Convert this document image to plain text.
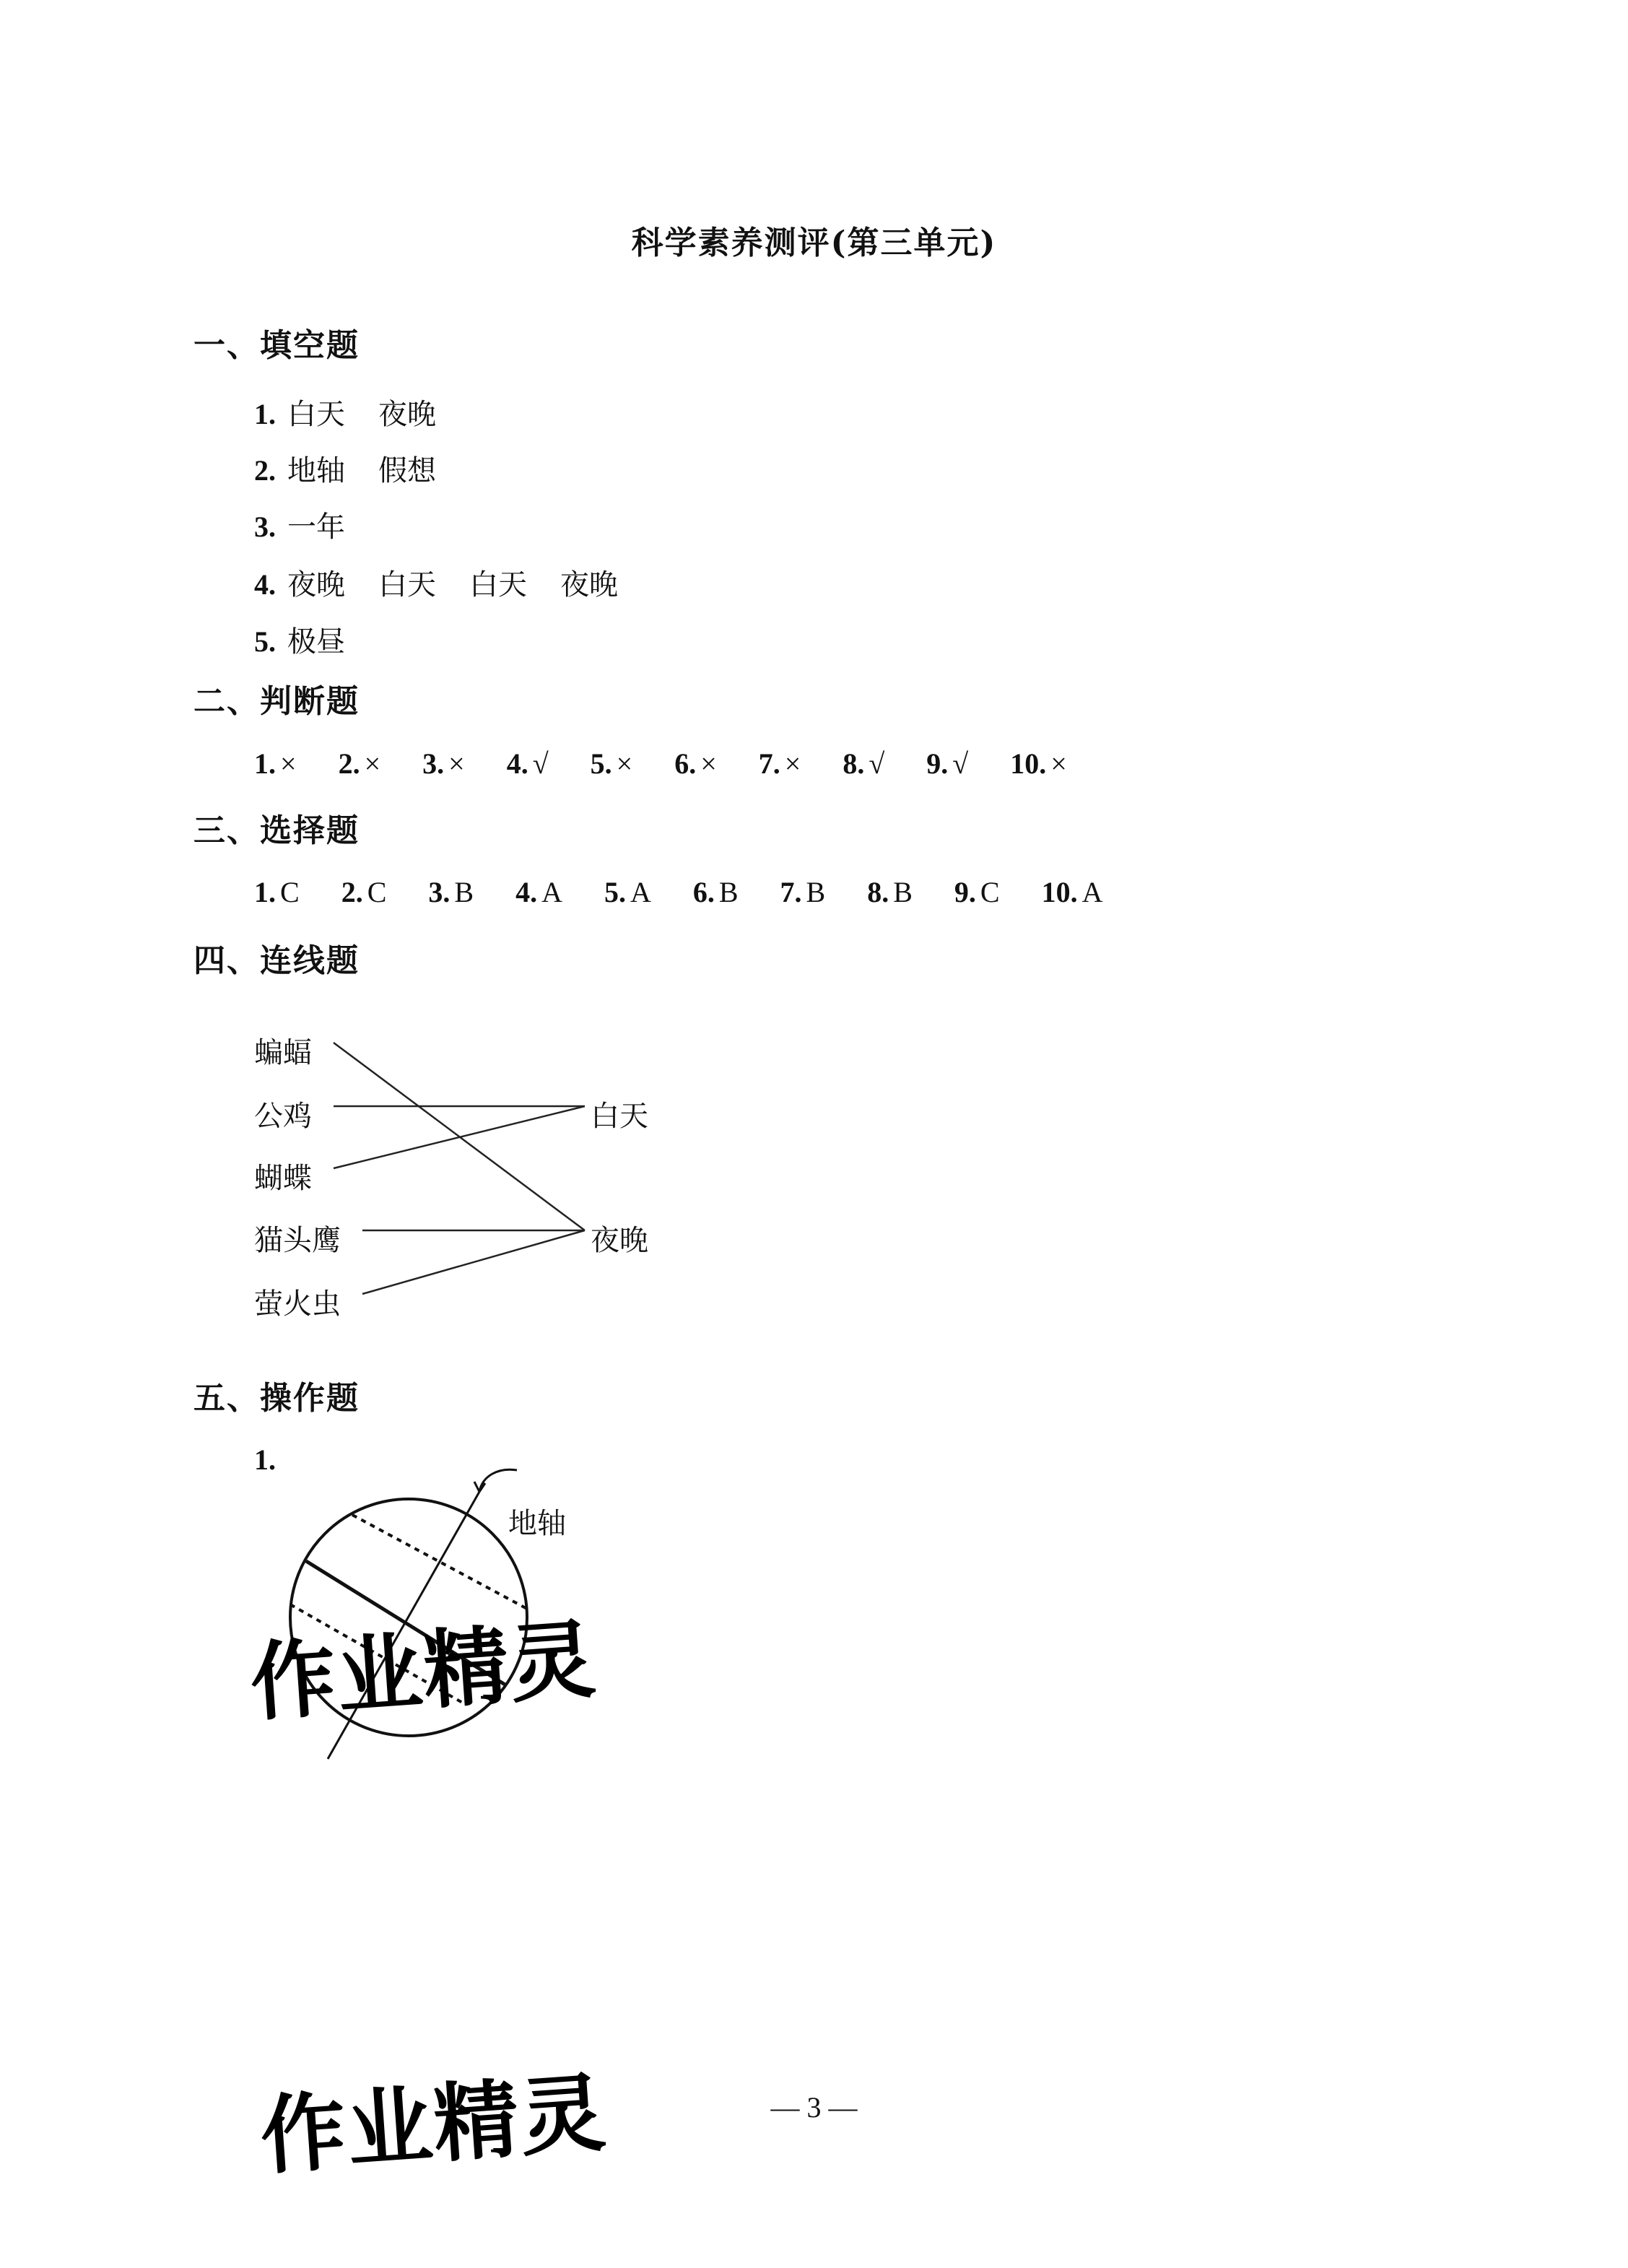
科学素养测评(第三单元)
一、填空题
1. 白天 夜晚
2. 地轴 假想
3. 一年
4. 夜晚 白天 白天 夜晚
5. 极昼
二、判断题
1. × 2. × 3. × 4. √ 5. × 6. × 7. × 8. √ 9. √ 10. ×
三、选择题
1. C 2. C 3. B 4. A 5. A 6. B 7. B 8. B 9. C 10. A
四、连线题
蝙蝠
公鸡
蝴蝶
猫头鹰
萤火虫
白天
夜晚
五、操作题
1.
地轴
作业精灵
作业精灵	— 3 —
